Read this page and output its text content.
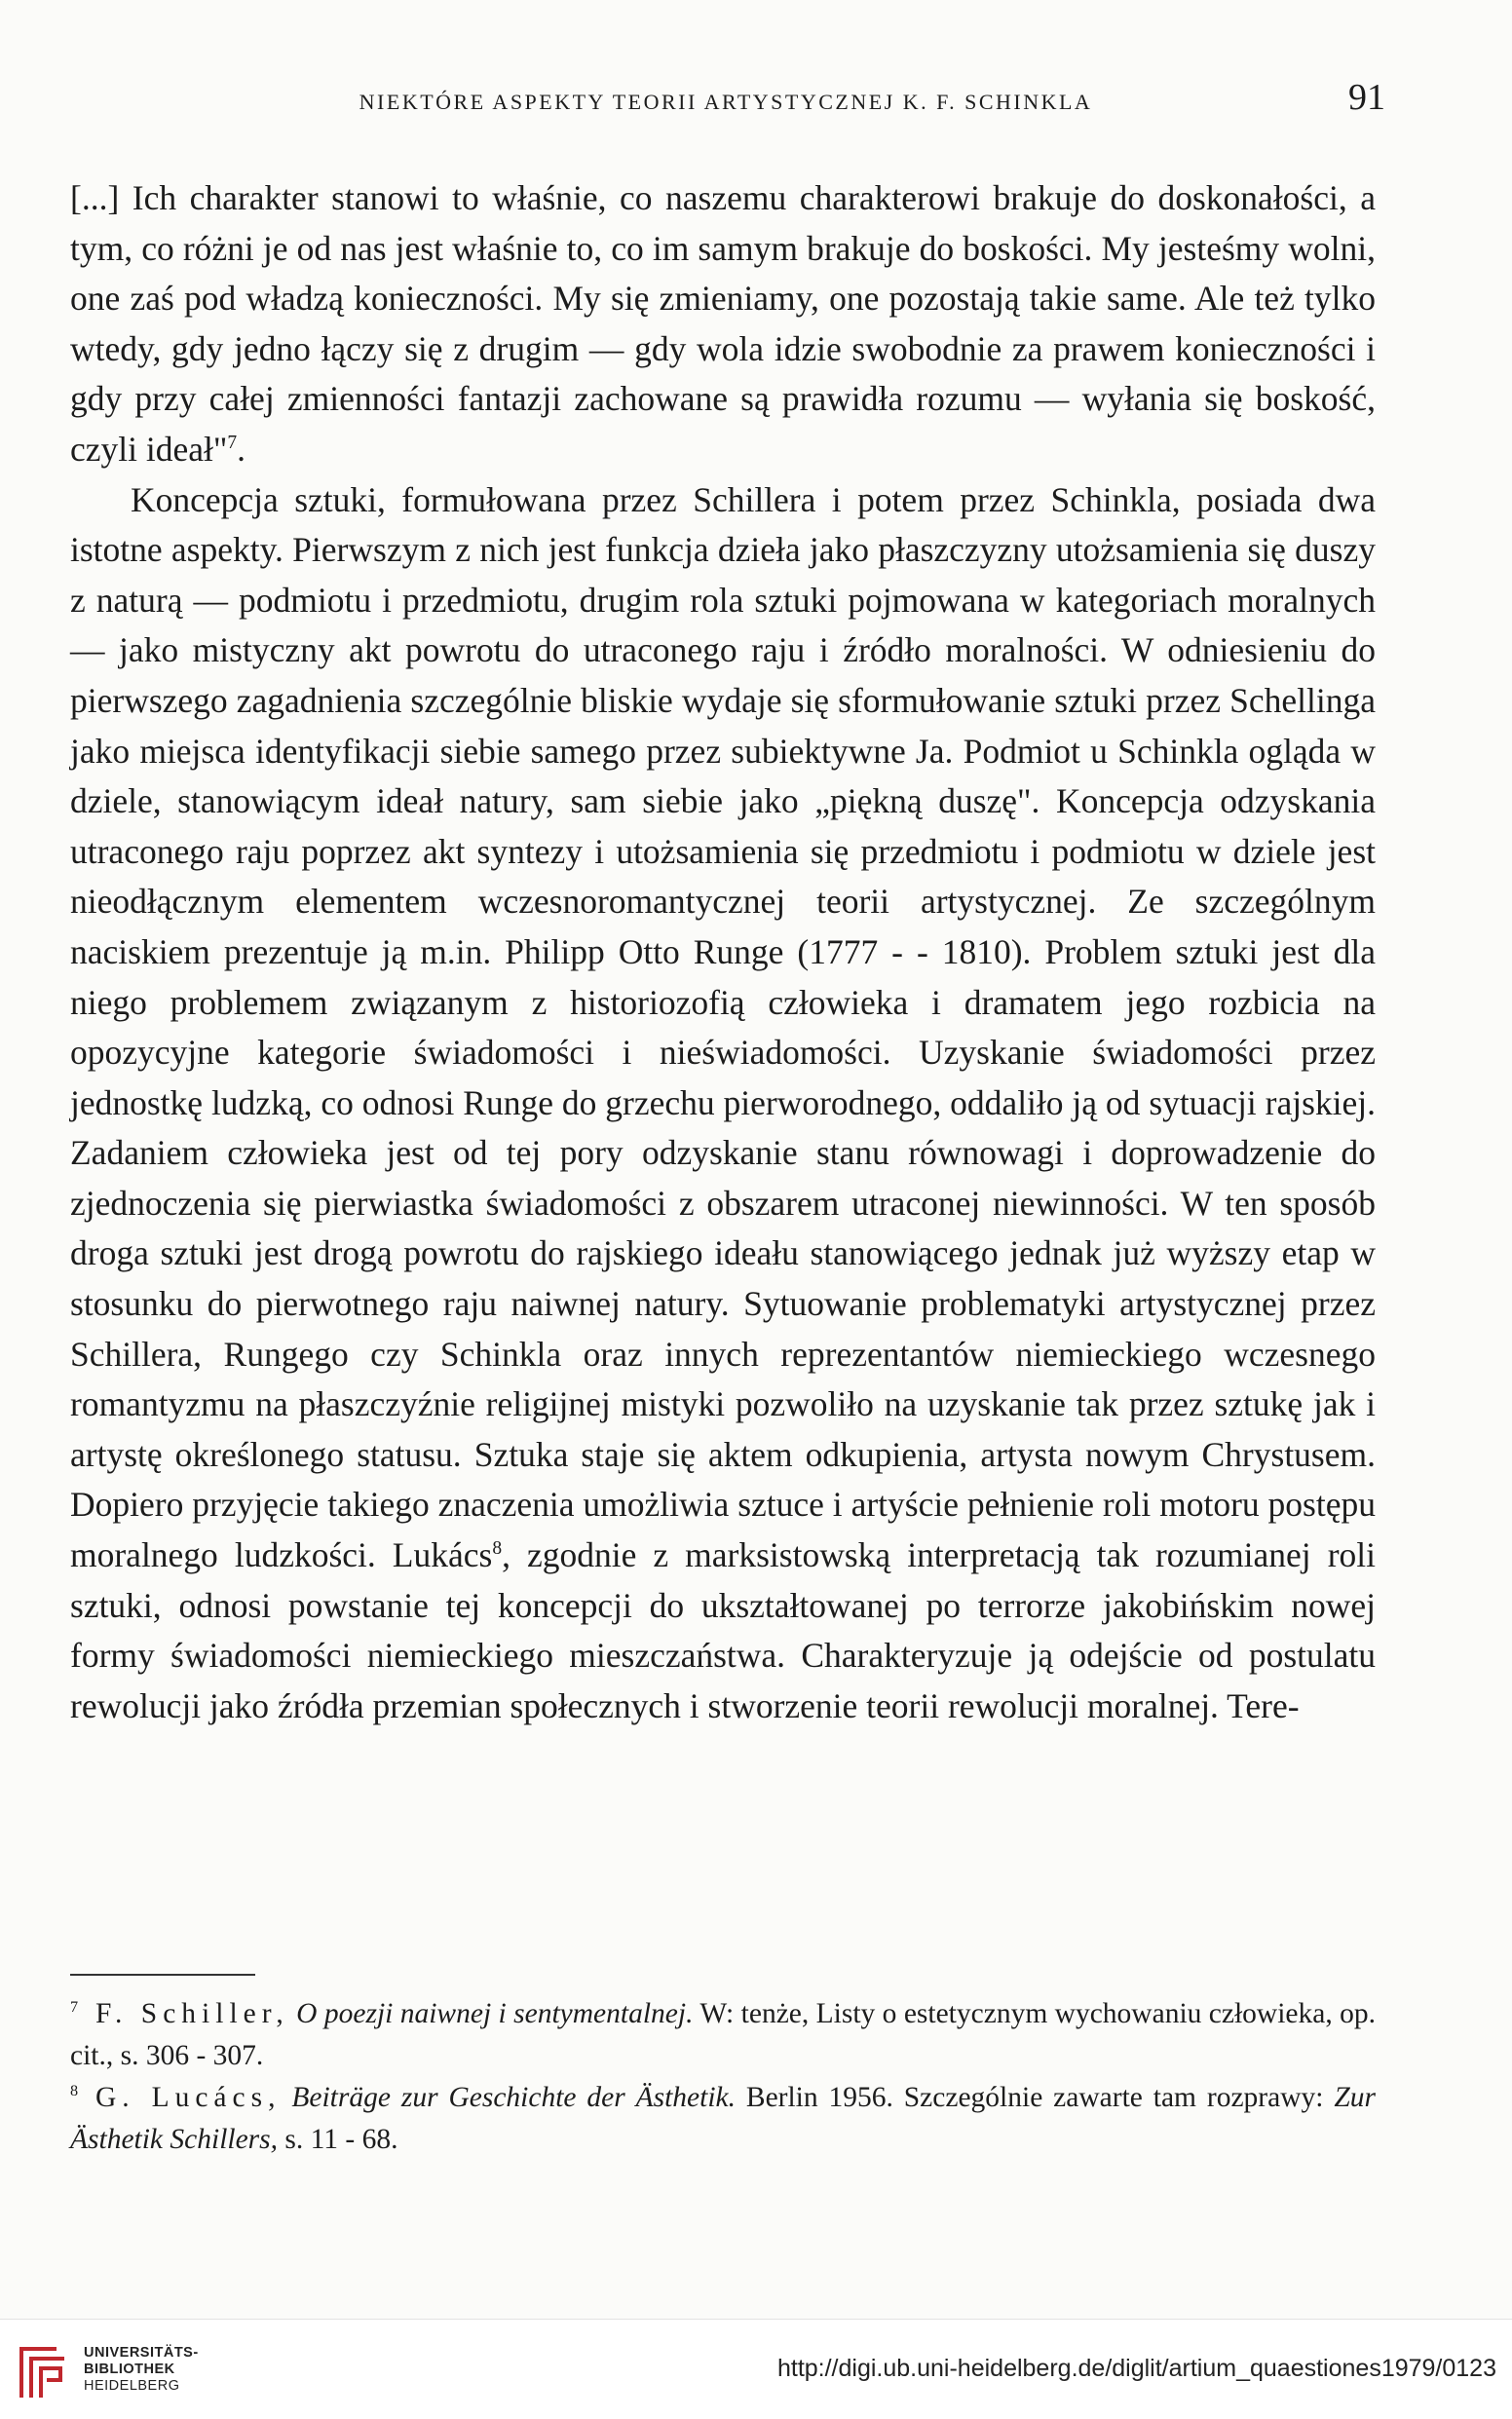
NIEKTÓRE ASPEKTY TEORII ARTYSTYCZNEJ K. F. SCHINKLA	91

[...] Ich charakter stanowi to właśnie, co naszemu charakterowi brakuje do doskonałości, a tym, co różni je od nas jest właśnie to, co im samym brakuje do boskości. My jesteśmy wolni, one zaś pod władzą konieczności. My się zmieniamy, one pozostają takie same. Ale też tylko wtedy, gdy jedno łączy się z drugim — gdy wola idzie swobodnie za prawem konieczności i gdy przy całej zmienności fantazji zachowane są prawidła rozumu — wyłania się boskość, czyli ideał"$^7$.

Koncepcja sztuki, formułowana przez Schillera i potem przez Schinkla, posiada dwa istotne aspekty. Pierwszym z nich jest funkcja dzieła jako płaszczyzny utożsamienia się duszy z naturą — podmiotu i przedmiotu, drugim rola sztuki pojmowana w kategoriach moralnych — jako mistyczny akt powrotu do utraconego raju i źródło moralności. W odniesieniu do pierwszego zagadnienia szczególnie bliskie wydaje się sformułowanie sztuki przez Schellinga jako miejsca identyfikacji siebie samego przez subiektywne Ja. Podmiot u Schinkla ogląda w dziele, stanowiącym ideał natury, sam siebie jako „piękną duszę". Koncepcja odzyskania utraconego raju poprzez akt syntezy i utożsamienia się przedmiotu i podmiotu w dziele jest nieodłącznym elementem wczesnoromantycznej teorii artystycznej. Ze szczególnym naciskiem prezentuje ją m.in. Philipp Otto Runge (1777 - - 1810). Problem sztuki jest dla niego problemem związanym z historiozofią człowieka i dramatem jego rozbicia na opozycyjne kategorie świadomości i nieświadomości. Uzyskanie świadomości przez jednostkę ludzką, co odnosi Runge do grzechu pierworodnego, oddaliło ją od sytuacji rajskiej. Zadaniem człowieka jest od tej pory odzyskanie stanu równowagi i doprowadzenie do zjednoczenia się pierwiastka świadomości z obszarem utraconej niewinności. W ten sposób droga sztuki jest drogą powrotu do rajskiego ideału stanowiącego jednak już wyższy etap w stosunku do pierwotnego raju naiwnej natury. Sytuowanie problematyki artystycznej przez Schillera, Rungego czy Schinkla oraz innych reprezentantów niemieckiego wczesnego romantyzmu na płaszczyźnie religijnej mistyki pozwoliło na uzyskanie tak przez sztukę jak i artystę określonego statusu. Sztuka staje się aktem odkupienia, artysta nowym Chrystusem. Dopiero przyjęcie takiego znaczenia umożliwia sztuce i artyście pełnienie roli motoru postępu moralnego ludzkości. Lukács$^8$, zgodnie z marksistowską interpretacją tak rozumianej roli sztuki, odnosi powstanie tej koncepcji do ukształtowanej po terrorze jakobińskim nowej formy świadomości niemieckiego mieszczaństwa. Charakteryzuje ją odejście od postulatu rewolucji jako źródła przemian społecznych i stworzenie teorii rewolucji moralnej. Tere-

$^7$ F. Schiller, O poezji naiwnej i sentymentalnej. W: tenże, Listy o estetycznym wychowaniu człowieka, op. cit., s. 306 - 307.

$^8$ G. Lucács, Beiträge zur Geschichte der Ästhetik. Berlin 1956. Szczególnie zawarte tam rozprawy: Zur Ästhetik Schillers, s. 11 - 68.

UNIVERSITÄTS-
BIBLIOTHEK
HEIDELBERG
http://digi.ub.uni-heidelberg.de/diglit/artium_quaestiones1979/0123
